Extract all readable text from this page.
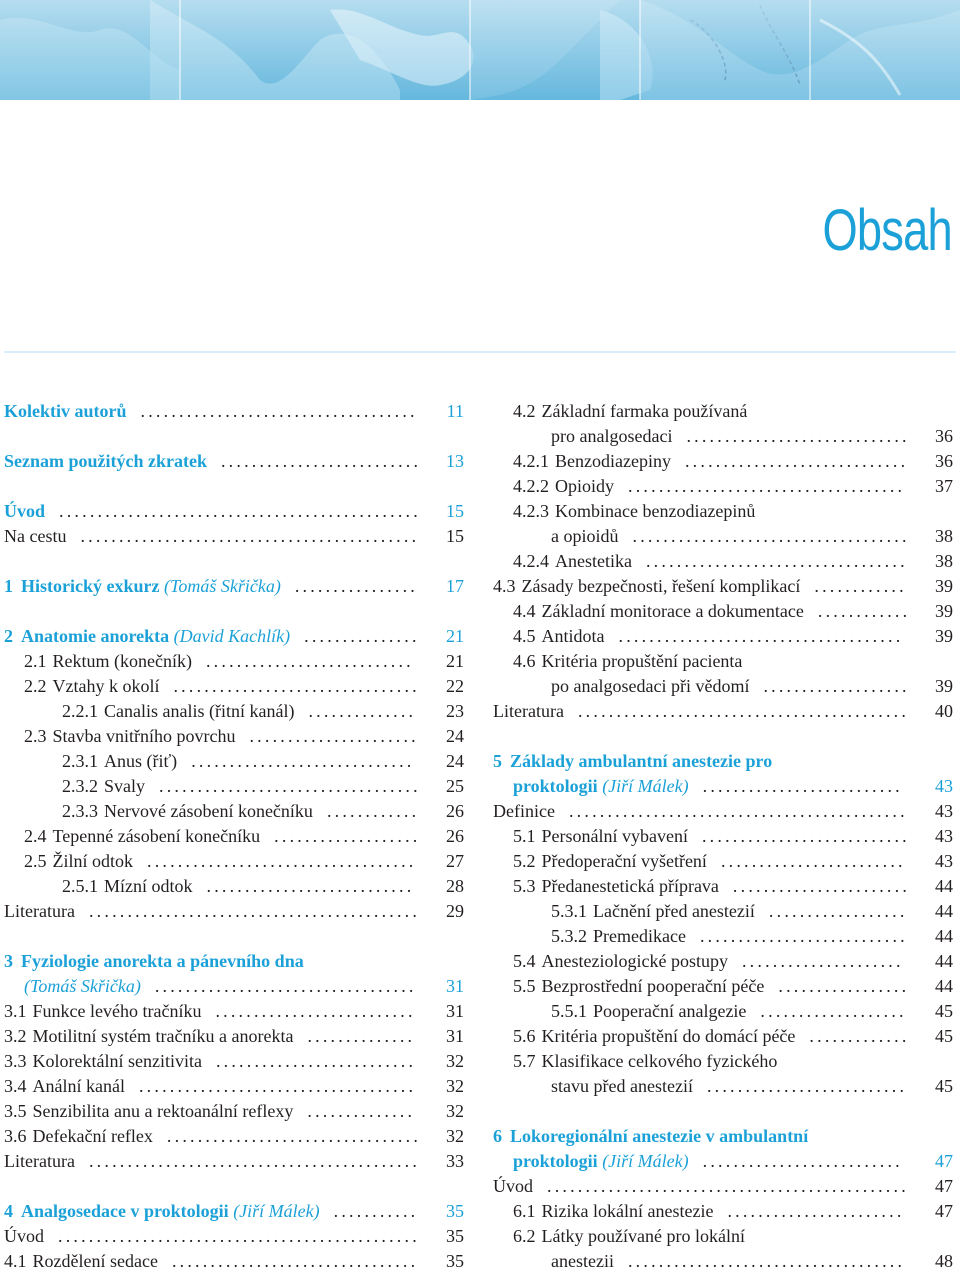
Obsah
Kolektiv autorů	11
....................................
Seznam použitých zkratek	13
..........................
Úvod	15
...............................................
Na cestu	15
............................................
1 Historický exkurz (Tomáš Skřička)	17
................
2 Anatomie anorekta (David Kachlík)	21
...............
2.1 Rektum (konečník)	21
...........................
2.2 Vztahy k okolí	22
................................
2.2.1 Canalis analis (řitní kanál)	23
..............
2.3 Stavba vnitřního povrchu	24
......................
2.3.1 Anus (řiť)	24
.............................
2.3.2 Svaly	25
..................................
2.3.3 Nervové zásobení konečníku	26
............
2.4 Tepenné zásobení konečníku	26
...................
2.5 Žilní odtok	27
...................................
2.5.1 Mízní odtok	28
...........................
Literatura	29
...........................................
3 Fyziologie anorekta a pánevního dna
(Tomáš Skřička)	31
..................................
3.1 Funkce levého tračníku	31
..........................
3.2 Motilitní systém tračníku a anorekta	31
..............
3.3 Kolorektální senzitivita	32
..........................
3.4 Anální kanál	32
....................................
3.5 Senzibilita anu a rektoanální reflexy	32
..............
3.6 Defekační reflex	32
.................................
Literatura	33
...........................................
4 Analgosedace v proktologii (Jiří Málek)	35
...........
Úvod	35
...............................................
4.1 Rozdělení sedace	35
................................
4.2 Základní farmaka používaná
pro analgosedaci	36
.............................
4.2.1 Benzodiazepiny	36
.............................
4.2.2 Opioidy	37
....................................
4.2.3 Kombinace benzodiazepinů
a opioidů	38
....................................
4.2.4 Anestetika	38
..................................
4.3 Zásady bezpečnosti, řešení komplikací	39
............
4.4 Základní monitorace a dokumentace	39
............
4.5 Antidota	39
.....................................
4.6 Kritéria propuštění pacienta
po analgosedaci při vědomí	39
...................
Literatura	40
...........................................
5 Základy ambulantní anestezie pro
proktologii (Jiří Málek)	43
..........................
Definice	43
............................................
5.1 Personální vybavení	43
...........................
5.2 Předoperační vyšetření	43
........................
5.3 Předanestetická příprava	44
.......................
5.3.1 Lačnění před anestezií	44
..................
5.3.2 Premedikace	44
...........................
5.4 Anesteziologické postupy	44
.....................
5.5 Bezprostřední pooperační péče	44
.................
5.5.1 Pooperační analgezie	45
...................
5.6 Kritéria propuštění do domácí péče	45
.............
5.7 Klasifikace celkového fyzického
stavu před anestezií	45
..........................
6 Lokoregionální anestezie v ambulantní
proktologii (Jiří Málek)	47
..........................
Úvod	47
...............................................
6.1 Rizika lokální anestezie	47
.......................
6.2 Látky používané pro lokální
anestezii	48
....................................
